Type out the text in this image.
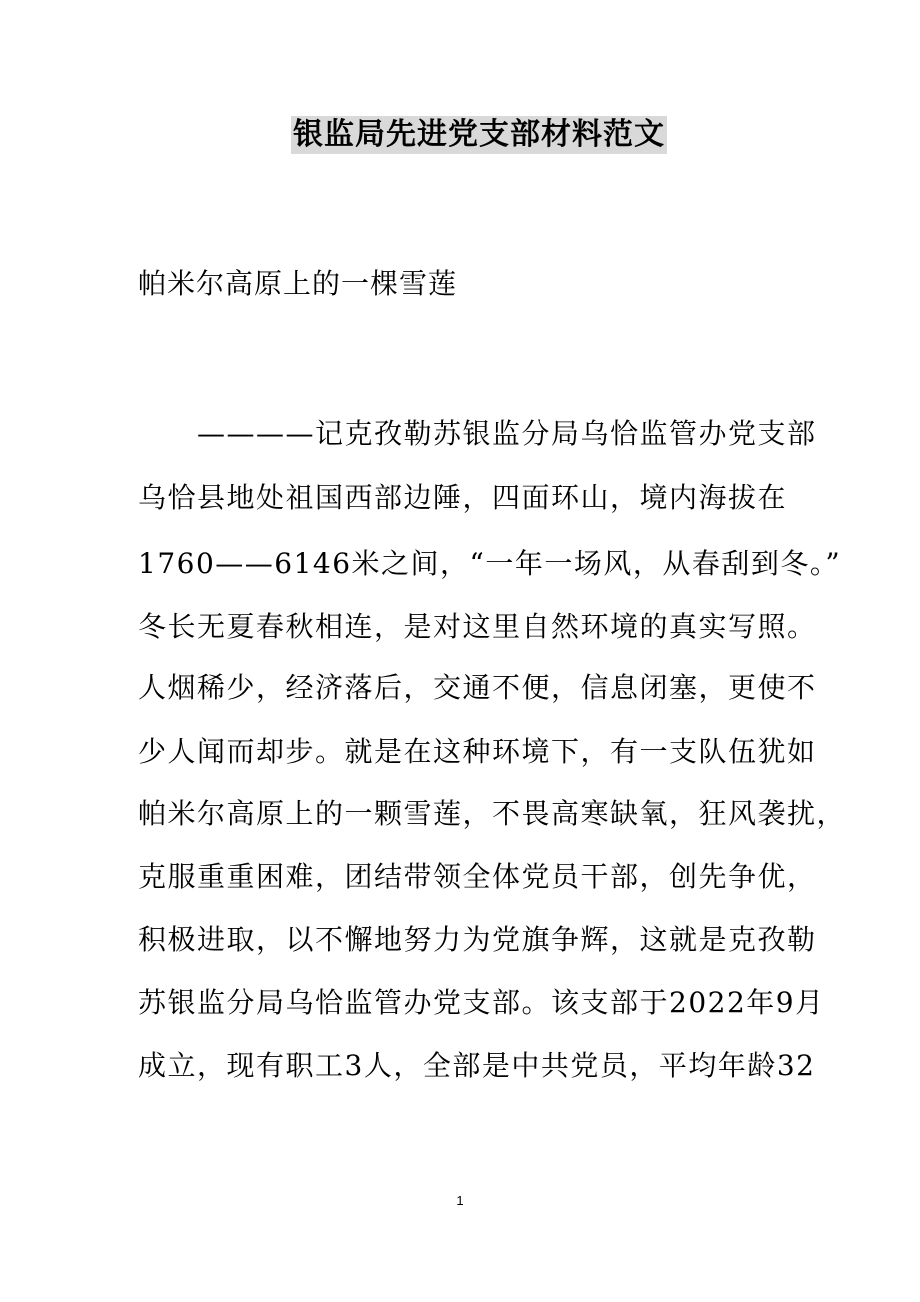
银监局先进党支部材料范文
帕米尔高原上的一棵雪莲
　　————记克孜勒苏银监分局乌恰监管办党支部
乌恰县地处祖国西部边陲，四面环山，境内海拔在
1760——6146米之间，“一年一场风，从春刮到冬。”
冬长无夏春秋相连，是对这里自然环境的真实写照。
人烟稀少，经济落后，交通不便，信息闭塞，更使不
少人闻而却步。就是在这种环境下，有一支队伍犹如
帕米尔高原上的一颗雪莲，不畏高寒缺氧，狂风袭扰，
克服重重困难，团结带领全体党员干部，创先争优，
积极进取，以不懈地努力为党旗争辉，这就是克孜勒
苏银监分局乌恰监管办党支部。该支部于2022年9月
成立，现有职工3人，全部是中共党员，平均年龄32
1
